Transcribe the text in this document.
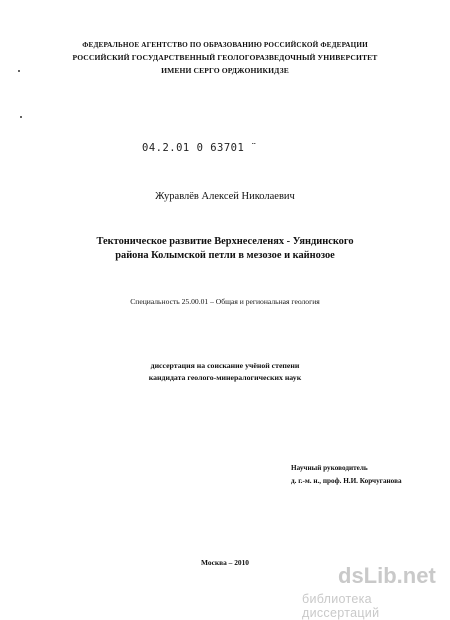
ФЕДЕРАЛЬНОЕ АГЕНТСТВО ПО ОБРАЗОВАНИЮ РОССИЙСКОЙ ФЕДЕРАЦИИ
РОССИЙСКИЙ ГОСУДАРСТВЕННЫЙ ГЕОЛОГОРАЗВЕДОЧНЫЙ УНИВЕРСИТЕТ
ИМЕНИ СЕРГО ОРДЖОНИКИДЗЕ
04.2.01 0 63701 ̈
Журавлёв Алексей Николаевич
Тектоническое развитие Верхнеселенях - Уяндинского
района Колымской петли в мезозое и кайнозое
Специальность 25.00.01 – Общая и региональная геология
диссертация на соискание учёной степени
кандидата геолого-минералогических наук
Научный руководитель
д. г.-м. н., проф. Н.И. Корчуганова
Москва – 2010
dsLib.net
библиотека диссертаций
